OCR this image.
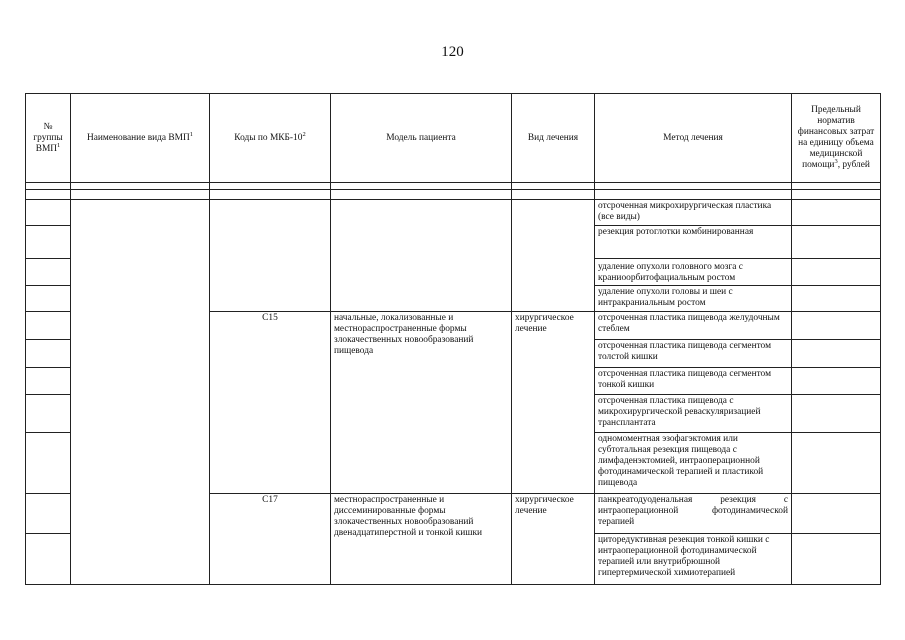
120
№ группы ВМП$^1$	Наименование вида ВМП$^1$	Коды по МКБ-$10^2$	Модель пациента	Вид лечения	Метод лечения	Предельный норматив финансовых затрат на единицу объема медицинской помощи$^3$, рублей

					отсроченная микрохирургическая пластика (все виды)	
					резекция ротоглотки комбинированная	
					удаление опухоли головного мозга с краниоорбитофациальным ростом	
					удаление опухоли головы и шеи с интракраниальным ростом	
		C15	начальные, локализованные и местнораспространенные формы злокачественных новообразований пищевода	хирургическое лечение	отсроченная пластика пищевода желудочным стеблем	
					отсроченная пластика пищевода сегментом толстой кишки	
					отсроченная пластика пищевода сегментом тонкой кишки	
					отсроченная пластика пищевода с микрохирургической реваскуляризацией трансплантата	
					одномоментная эзофагэктомия или субтотальная резекция пищевода с лимфаденэктомией, интраоперационной фотодинамической терапией и пластикой пищевода	
		C17	местнораспространенные и диссеминированные формы злокачественных новообразований двенадцатиперстной и тонкой кишки	хирургическое лечение	панкреатодуоденальная резекция с интраоперационной фотодинамической терапией	
					циторедуктивная резекция тонкой кишки с интраоперационной фотодинамической терапией или внутрибрюшной гипертермической химиотерапией	
